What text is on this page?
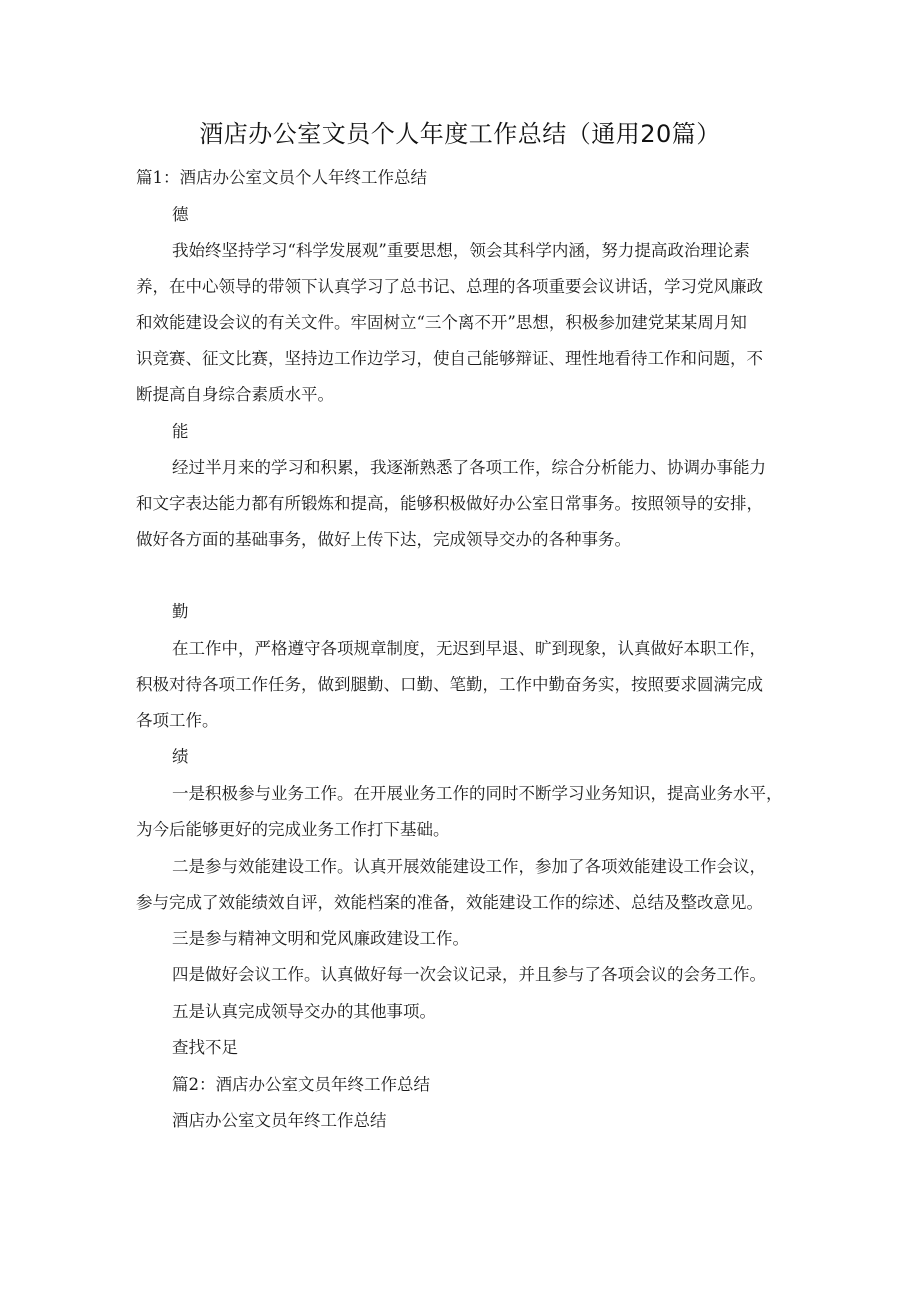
酒店办公室文员个人年度工作总结（通用20篇）
篇1：酒店办公室文员个人年终工作总结
德
我始终坚持学习“科学发展观”重要思想，领会其科学内涵，努力提高政治理论素
养，在中心领导的带领下认真学习了总书记、总理的各项重要会议讲话，学习党风廉政
和效能建设会议的有关文件。牢固树立“三个离不开”思想，积极参加建党某某周月知
识竞赛、征文比赛，坚持边工作边学习，使自己能够辩证、理性地看待工作和问题，不
断提高自身综合素质水平。
能
经过半月来的学习和积累，我逐渐熟悉了各项工作，综合分析能力、协调办事能力
和文字表达能力都有所锻炼和提高，能够积极做好办公室日常事务。按照领导的安排，
做好各方面的基础事务，做好上传下达，完成领导交办的各种事务。
勤
在工作中，严格遵守各项规章制度，无迟到早退、旷到现象，认真做好本职工作，
积极对待各项工作任务，做到腿勤、口勤、笔勤，工作中勤奋务实，按照要求圆满完成
各项工作。
绩
一是积极参与业务工作。在开展业务工作的同时不断学习业务知识，提高业务水平，
为今后能够更好的完成业务工作打下基础。
二是参与效能建设工作。认真开展效能建设工作，参加了各项效能建设工作会议，
参与完成了效能绩效自评，效能档案的准备，效能建设工作的综述、总结及整改意见。
三是参与精神文明和党风廉政建设工作。
四是做好会议工作。认真做好每一次会议记录，并且参与了各项会议的会务工作。
五是认真完成领导交办的其他事项。
查找不足
篇2：酒店办公室文员年终工作总结
酒店办公室文员年终工作总结
